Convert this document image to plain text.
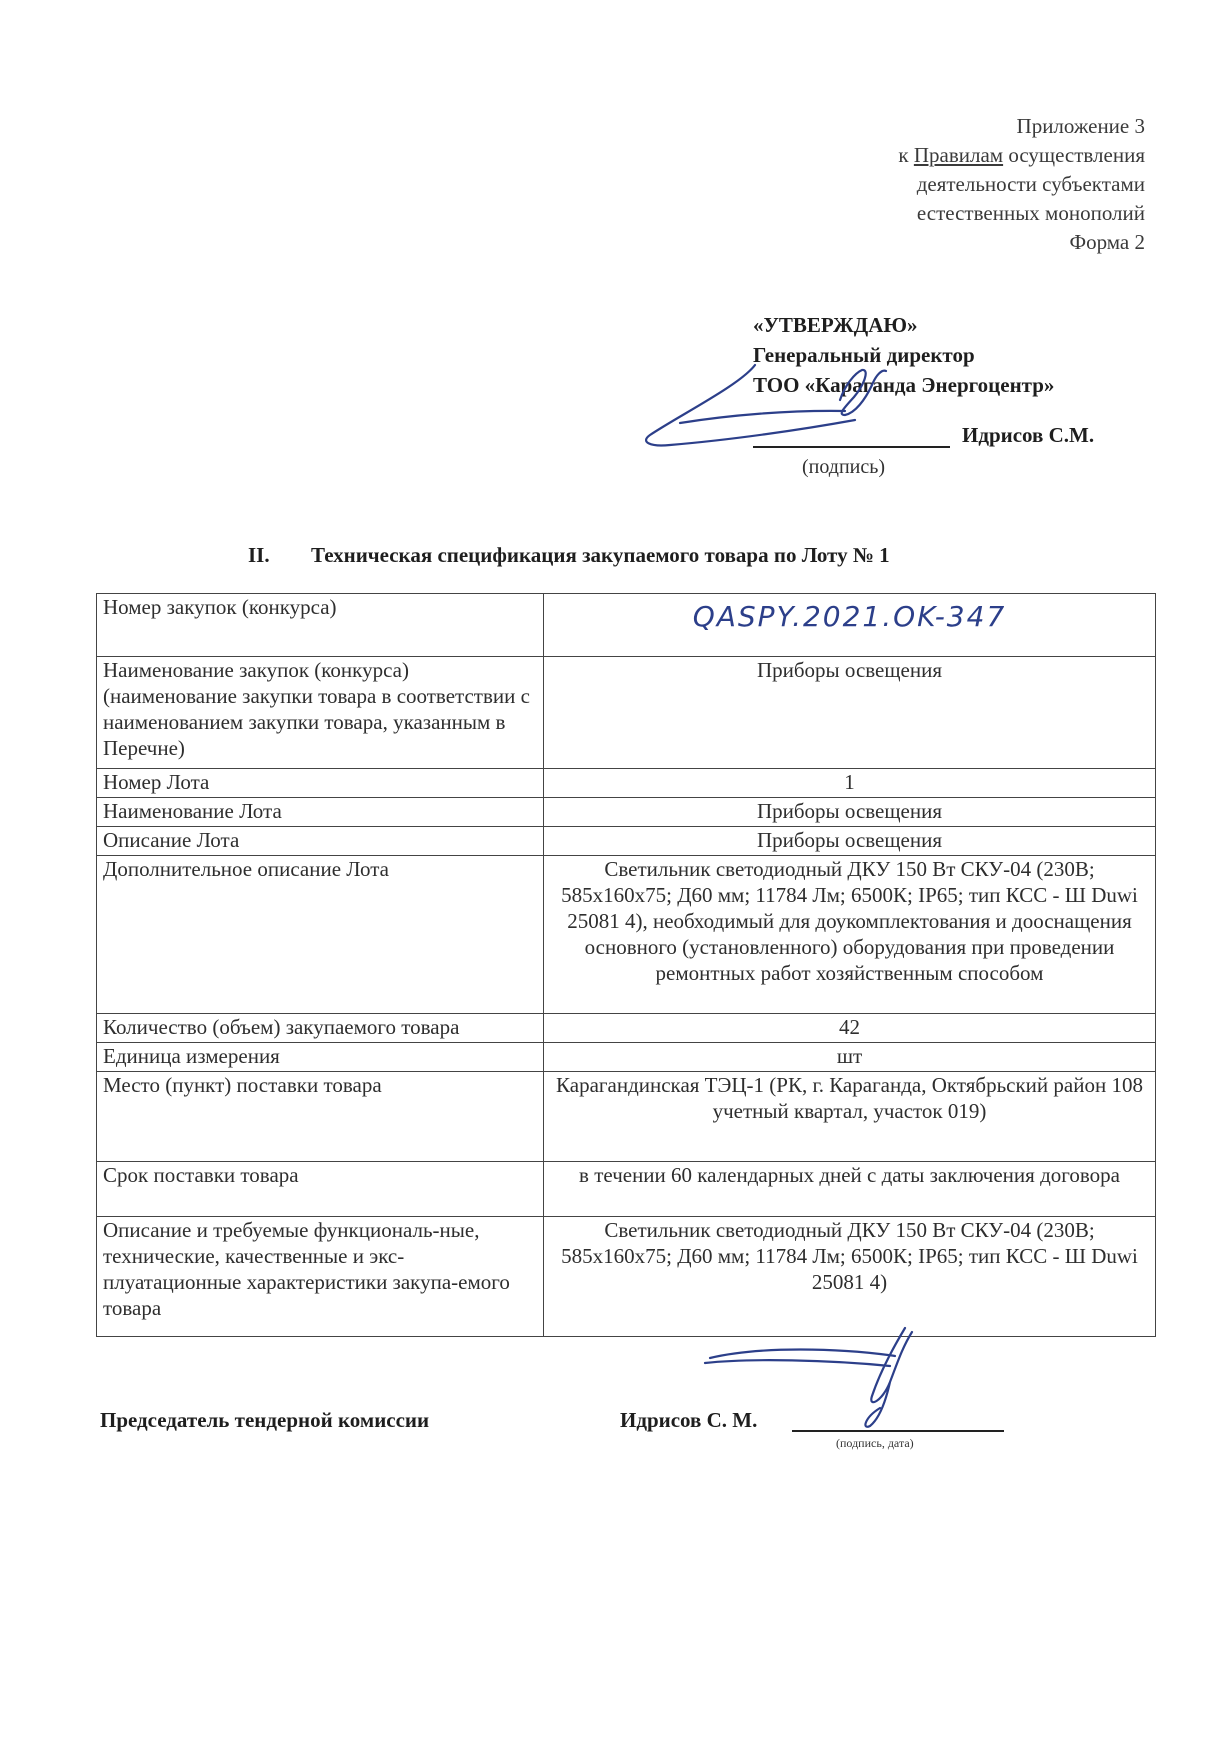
Приложение 3
к Правилам осуществления
деятельности субъектами
естественных монополий
Форма 2
«УТВЕРЖДАЮ»
Генеральный директор
ТОО «Караганда Энергоцентр»
Идрисов С.М.
(подпись)
II. Техническая спецификация закупаемого товара по Лоту № 1
Номер закупок (конкурса)	QASPY.2021.OK-347
Наименование закупок (конкурса) (наименование закупки товара в соответствии с наименованием закупки товара, указанным в Перечне)	Приборы освещения
Номер Лота	1
Наименование Лота	Приборы освещения
Описание Лота	Приборы освещения
Дополнительное описание Лота	Светильник светодиодный ДКУ 150 Вт СКУ-04 (230В; 585х160х75; Д60 мм; 11784 Лм; 6500К; IP65; тип КСС - Ш Duwi 25081 4), необходимый для доукомплектования и дооснащения основного (установленного) оборудования при проведении ремонтных работ хозяйственным способом
Количество (объем) закупаемого товара	42
Единица измерения	шт
Место (пункт) поставки товара	Карагандинская ТЭЦ-1 (РК, г. Караганда, Октябрьский район 108 учетный квартал, участок 019)
Срок поставки товара	в течении 60 календарных дней с даты заключения договора
Описание и требуемые функциональ-ные, технические, качественные и экс-плуатационные характеристики закупа-емого товара	Светильник светодиодный ДКУ 150 Вт СКУ-04 (230В; 585х160х75; Д60 мм; 11784 Лм; 6500К; IP65; тип КСС - Ш Duwi 25081 4)
Председатель тендерной комиссии	Идрисов С. М.
(подпись, дата)
